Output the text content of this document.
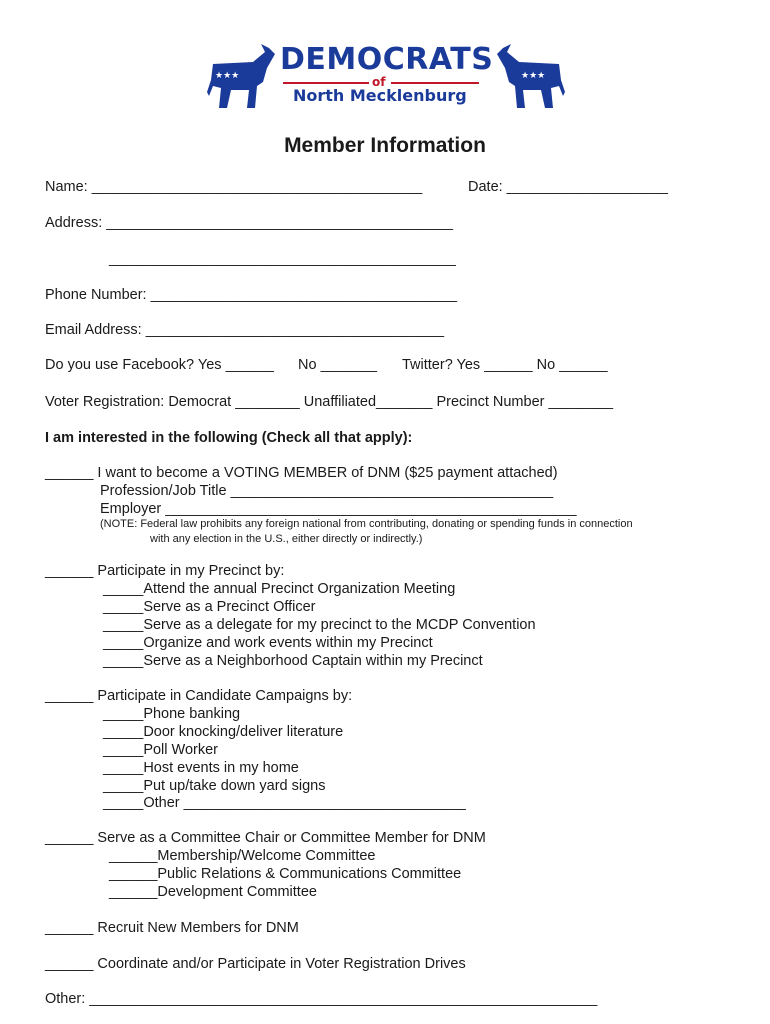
★★★	★★★
DEMOCRATS
of
North Mecklenburg
Member Information
Name: _________________________________________	Date: ____________________
Address: ___________________________________________
___________________________________________
Phone Number: ______________________________________
Email Address: _____________________________________
Do you use Facebook? Yes ______ No _______ Twitter? Yes ______ No ______
Voter Registration: Democrat ________ Unaffiliated_______ Precinct Number ________
I am interested in the following (Check all that apply):
______ I want to become a VOTING MEMBER of DNM ($25 payment attached)
Profession/Job Title ________________________________________
Employer ___________________________________________________
(NOTE: Federal law prohibits any foreign national from contributing, donating or spending funds in connection
with any election in the U.S., either directly or indirectly.)
______ Participate in my Precinct by:
_____Attend the annual Precinct Organization Meeting
_____Serve as a Precinct Officer
_____Serve as a delegate for my precinct to the MCDP Convention
_____Organize and work events within my Precinct
_____Serve as a Neighborhood Captain within my Precinct
______ Participate in Candidate Campaigns by:
_____Phone banking
_____Door knocking/deliver literature
_____Poll Worker
_____Host events in my home
_____Put up/take down yard signs
_____Other ___________________________________
______ Serve as a Committee Chair or Committee Member for DNM
______Membership/Welcome Committee
______Public Relations & Communications Committee
______Development Committee
______ Recruit New Members for DNM
______ Coordinate and/or Participate in Voter Registration Drives
Other: _______________________________________________________________
